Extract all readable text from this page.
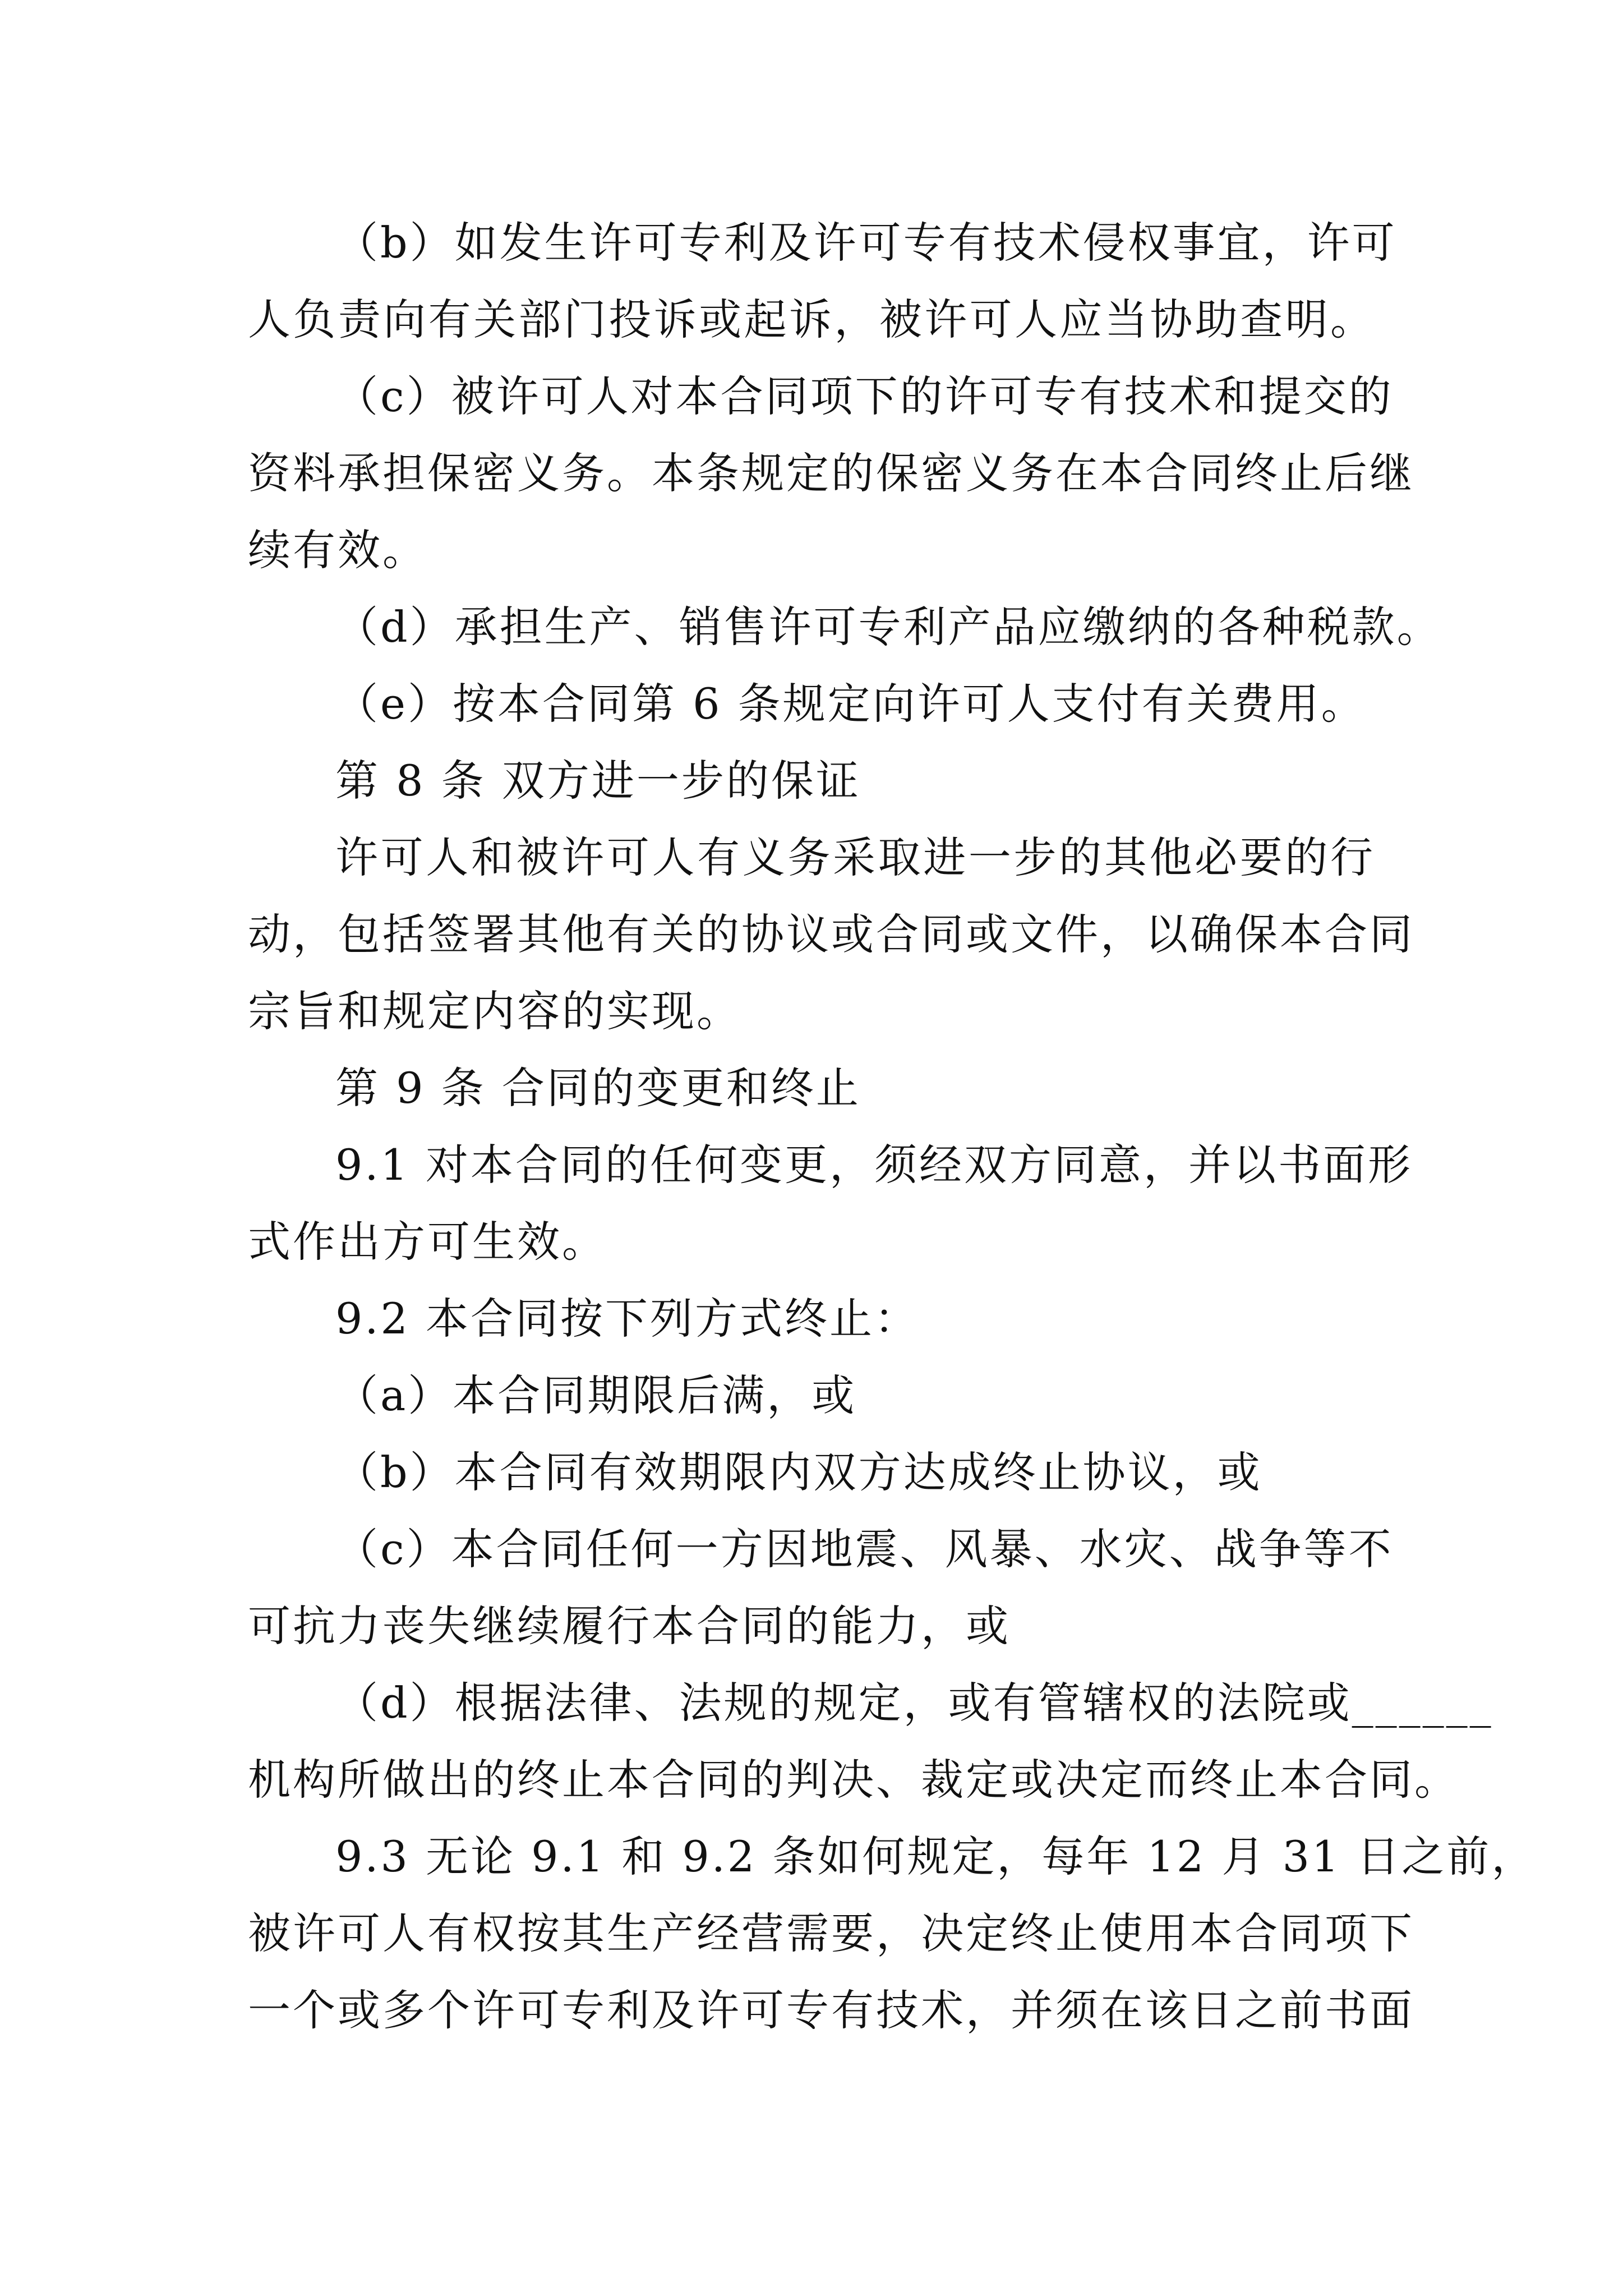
（b）如发生许可专利及许可专有技术侵权事宜，许可
人负责向有关部门投诉或起诉，被许可人应当协助查明。
（c）被许可人对本合同项下的许可专有技术和提交的
资料承担保密义务。本条规定的保密义务在本合同终止后继
续有效。
（d）承担生产、销售许可专利产品应缴纳的各种税款。
（e）按本合同第 6 条规定向许可人支付有关费用。
第 8 条 双方进一步的保证
许可人和被许可人有义务采取进一步的其他必要的行
动，包括签署其他有关的协议或合同或文件，以确保本合同
宗旨和规定内容的实现。
第 9 条 合同的变更和终止
9.1 对本合同的任何变更，须经双方同意，并以书面形
式作出方可生效。
9.2 本合同按下列方式终止：
（a）本合同期限后满，或
（b）本合同有效期限内双方达成终止协议，或
（c）本合同任何一方因地震、风暴、水灾、战争等不
可抗力丧失继续履行本合同的能力，或
（d）根据法律、法规的规定，或有管辖权的法院或______
机构所做出的终止本合同的判决、裁定或决定而终止本合同。
9.3 无论 9.1 和 9.2 条如何规定，每年 12 月 31 日之前，
被许可人有权按其生产经营需要，决定终止使用本合同项下
一个或多个许可专利及许可专有技术，并须在该日之前书面
